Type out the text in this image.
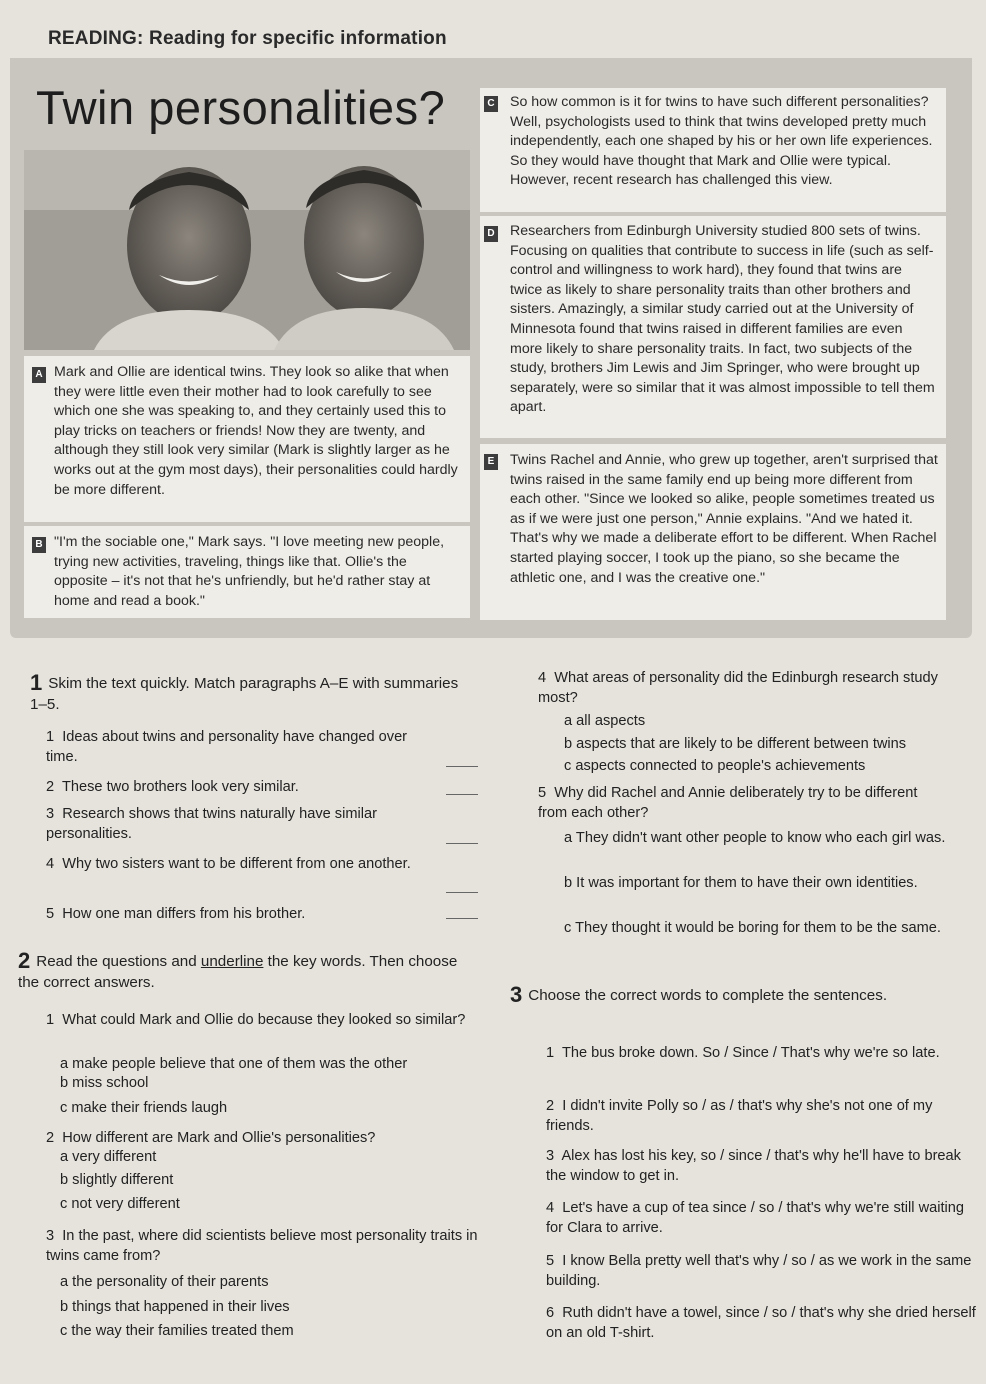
READING: Reading for specific information
Twin personalities?
A
B
C
D
E
Mark and Ollie are identical twins. They look so alike that when they were little even their mother had to look carefully to see which one she was speaking to, and they certainly used this to play tricks on teachers or friends! Now they are twenty, and although they still look very similar (Mark is slightly larger as he works out at the gym most days), their personalities could hardly be more different.
"I'm the sociable one," Mark says. "I love meeting new people, trying new activities, traveling, things like that. Ollie's the opposite – it's not that he's unfriendly, but he'd rather stay at home and read a book."
So how common is it for twins to have such different personalities? Well, psychologists used to think that twins developed pretty much independently, each one shaped by his or her own life experiences. So they would have thought that Mark and Ollie were typical. However, recent research has challenged this view.
Researchers from Edinburgh University studied 800 sets of twins. Focusing on qualities that contribute to success in life (such as self-control and willingness to work hard), they found that twins are twice as likely to share personality traits than other brothers and sisters. Amazingly, a similar study carried out at the University of Minnesota found that twins raised in different families are even more likely to share personality traits. In fact, two subjects of the study, brothers Jim Lewis and Jim Springer, who were brought up separately, were so similar that it was almost impossible to tell them apart.
Twins Rachel and Annie, who grew up together, aren't surprised that twins raised in the same family end up being more different from each other. "Since we looked so alike, people sometimes treated us as if we were just one person," Annie explains. "And we hated it. That's why we made a deliberate effort to be different. When Rachel started playing soccer, I took up the piano, so she became the athletic one, and I was the creative one."
1 Skim the text quickly. Match paragraphs A–E with summaries 1–5.
1 Ideas about twins and personality have changed over time.
2 These two brothers look very similar.
3 Research shows that twins naturally have similar personalities.
4 Why two sisters want to be different from one another.
5 How one man differs from his brother.
2 Read the questions and underline the key words. Then choose the correct answers.
1 What could Mark and Ollie do because they looked so similar?
a make people believe that one of them was the other
b miss school
c make their friends laugh
2 How different are Mark and Ollie's personalities?
a very different
b slightly different
c not very different
3 In the past, where did scientists believe most personality traits in twins came from?
a the personality of their parents
b things that happened in their lives
c the way their families treated them
4 What areas of personality did the Edinburgh research study most?
a all aspects
b aspects that are likely to be different between twins
c aspects connected to people's achievements
5 Why did Rachel and Annie deliberately try to be different from each other?
a They didn't want other people to know who each girl was.
b It was important for them to have their own identities.
c They thought it would be boring for them to be the same.
3 Choose the correct words to complete the sentences.
1 The bus broke down. So / Since / That's why we're so late.
2 I didn't invite Polly so / as / that's why she's not one of my friends.
3 Alex has lost his key, so / since / that's why he'll have to break the window to get in.
4 Let's have a cup of tea since / so / that's why we're still waiting for Clara to arrive.
5 I know Bella pretty well that's why / so / as we work in the same building.
6 Ruth didn't have a towel, since / so / that's why she dried herself on an old T-shirt.
